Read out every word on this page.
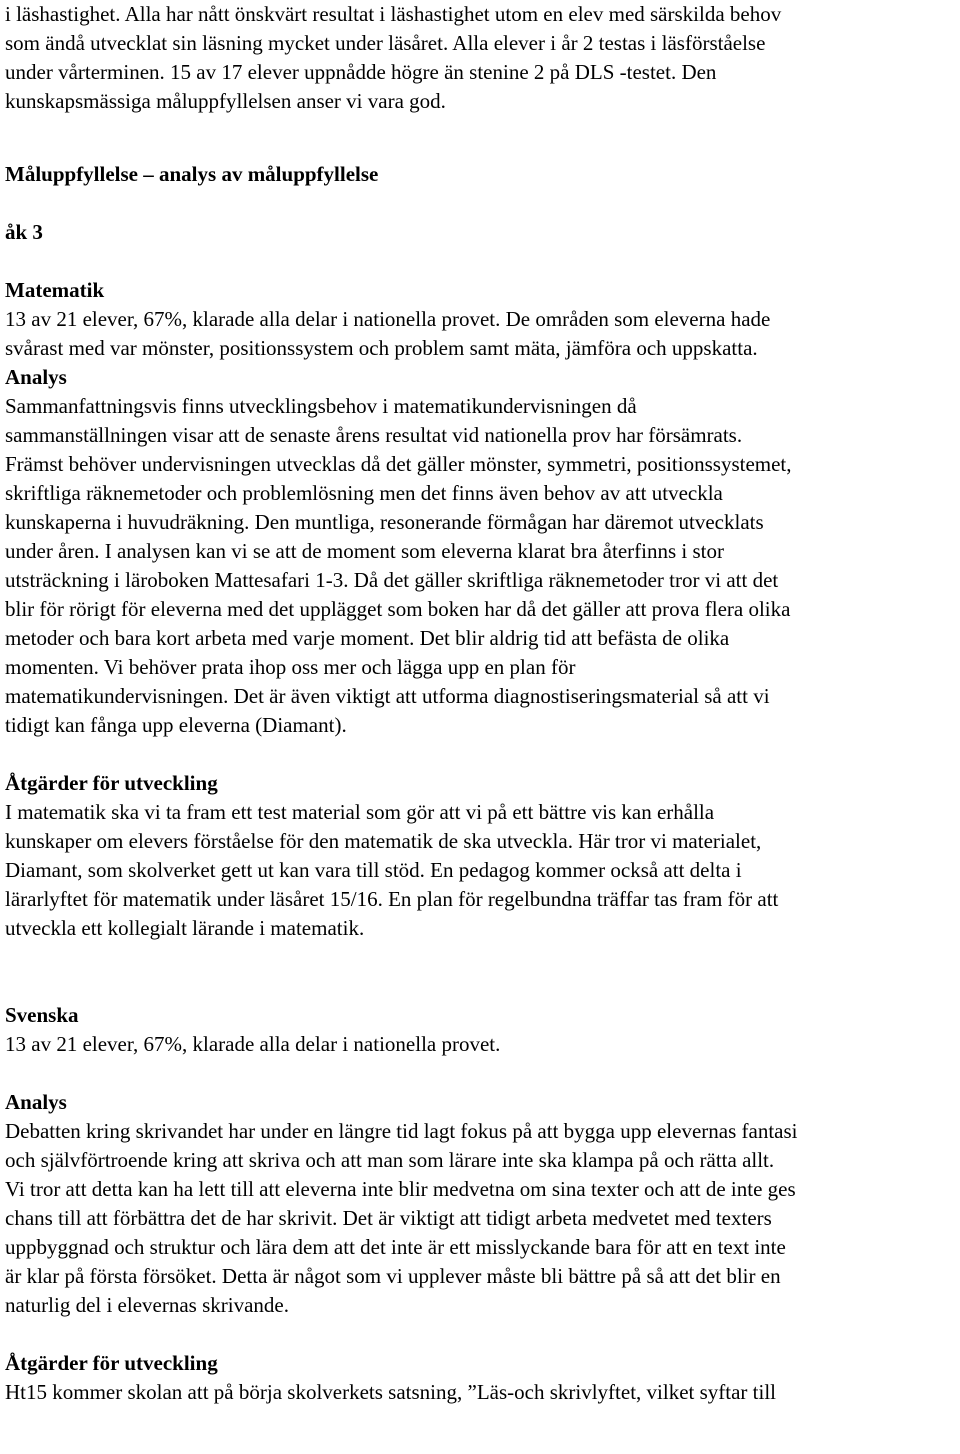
i läshastighet. Alla har nått önskvärt resultat i läshastighet utom en elev med särskilda behov
som ändå utvecklat sin läsning mycket under läsåret. Alla elever i år 2 testas i läsförståelse
under vårterminen. 15 av 17 elever uppnådde högre än stenine 2 på DLS -testet. Den
kunskapsmässiga måluppfyllelsen anser vi vara god.

Måluppfyllelse – analys av måluppfyllelse
åk 3
Matematik

13 av 21 elever, 67%, klarade alla delar i nationella provet. De områden som eleverna hade
svårast med var mönster, positionssystem och problem samt mäta, jämföra och uppskatta.

Analys

Sammanfattningsvis finns utvecklingsbehov i matematikundervisningen då
sammanställningen visar att de senaste årens resultat vid nationella prov har försämrats.
Främst behöver undervisningen utvecklas då det gäller mönster, symmetri, positionssystemet,
skriftliga räknemetoder och problemlösning men det finns även behov av att utveckla
kunskaperna i huvudräkning. Den muntliga, resonerande förmågan har däremot utvecklats
under åren. I analysen kan vi se att de moment som eleverna klarat bra återfinns i stor
utsträckning i läroboken Mattesafari 1-3. Då det gäller skriftliga räknemetoder tror vi att det
blir för rörigt för eleverna med det upplägget som boken har då det gäller att prova flera olika
metoder och bara kort arbeta med varje moment. Det blir aldrig tid att befästa de olika
momenten. Vi behöver prata ihop oss mer och lägga upp en plan för
matematikundervisningen. Det är även viktigt att utforma diagnostiseringsmaterial så att vi
tidigt kan fånga upp eleverna (Diamant).

Åtgärder för utveckling

I matematik ska vi ta fram ett test material som gör att vi på ett bättre vis kan erhålla
kunskaper om elevers förståelse för den matematik de ska utveckla. Här tror vi materialet,
Diamant, som skolverket gett ut kan vara till stöd. En pedagog kommer också att delta i
lärarlyftet för matematik under läsåret 15/16. En plan för regelbundna träffar tas fram för att
utveckla ett kollegialt lärande i matematik.

Svenska

13 av 21 elever, 67%, klarade alla delar i nationella provet.

Analys

Debatten kring skrivandet har under en längre tid lagt fokus på att bygga upp elevernas fantasi
och självförtroende kring att skriva och att man som lärare inte ska klampa på och rätta allt.
Vi tror att detta kan ha lett till att eleverna inte blir medvetna om sina texter och att de inte ges
chans till att förbättra det de har skrivit. Det är viktigt att tidigt arbeta medvetet med texters
uppbyggnad och struktur och lära dem att det inte är ett misslyckande bara för att en text inte
är klar på första försöket. Detta är något som vi upplever måste bli bättre på så att det blir en
naturlig del i elevernas skrivande.

Åtgärder för utveckling

Ht15 kommer skolan att på börja skolverkets satsning, ”Läs-och skrivlyftet, vilket syftar till
